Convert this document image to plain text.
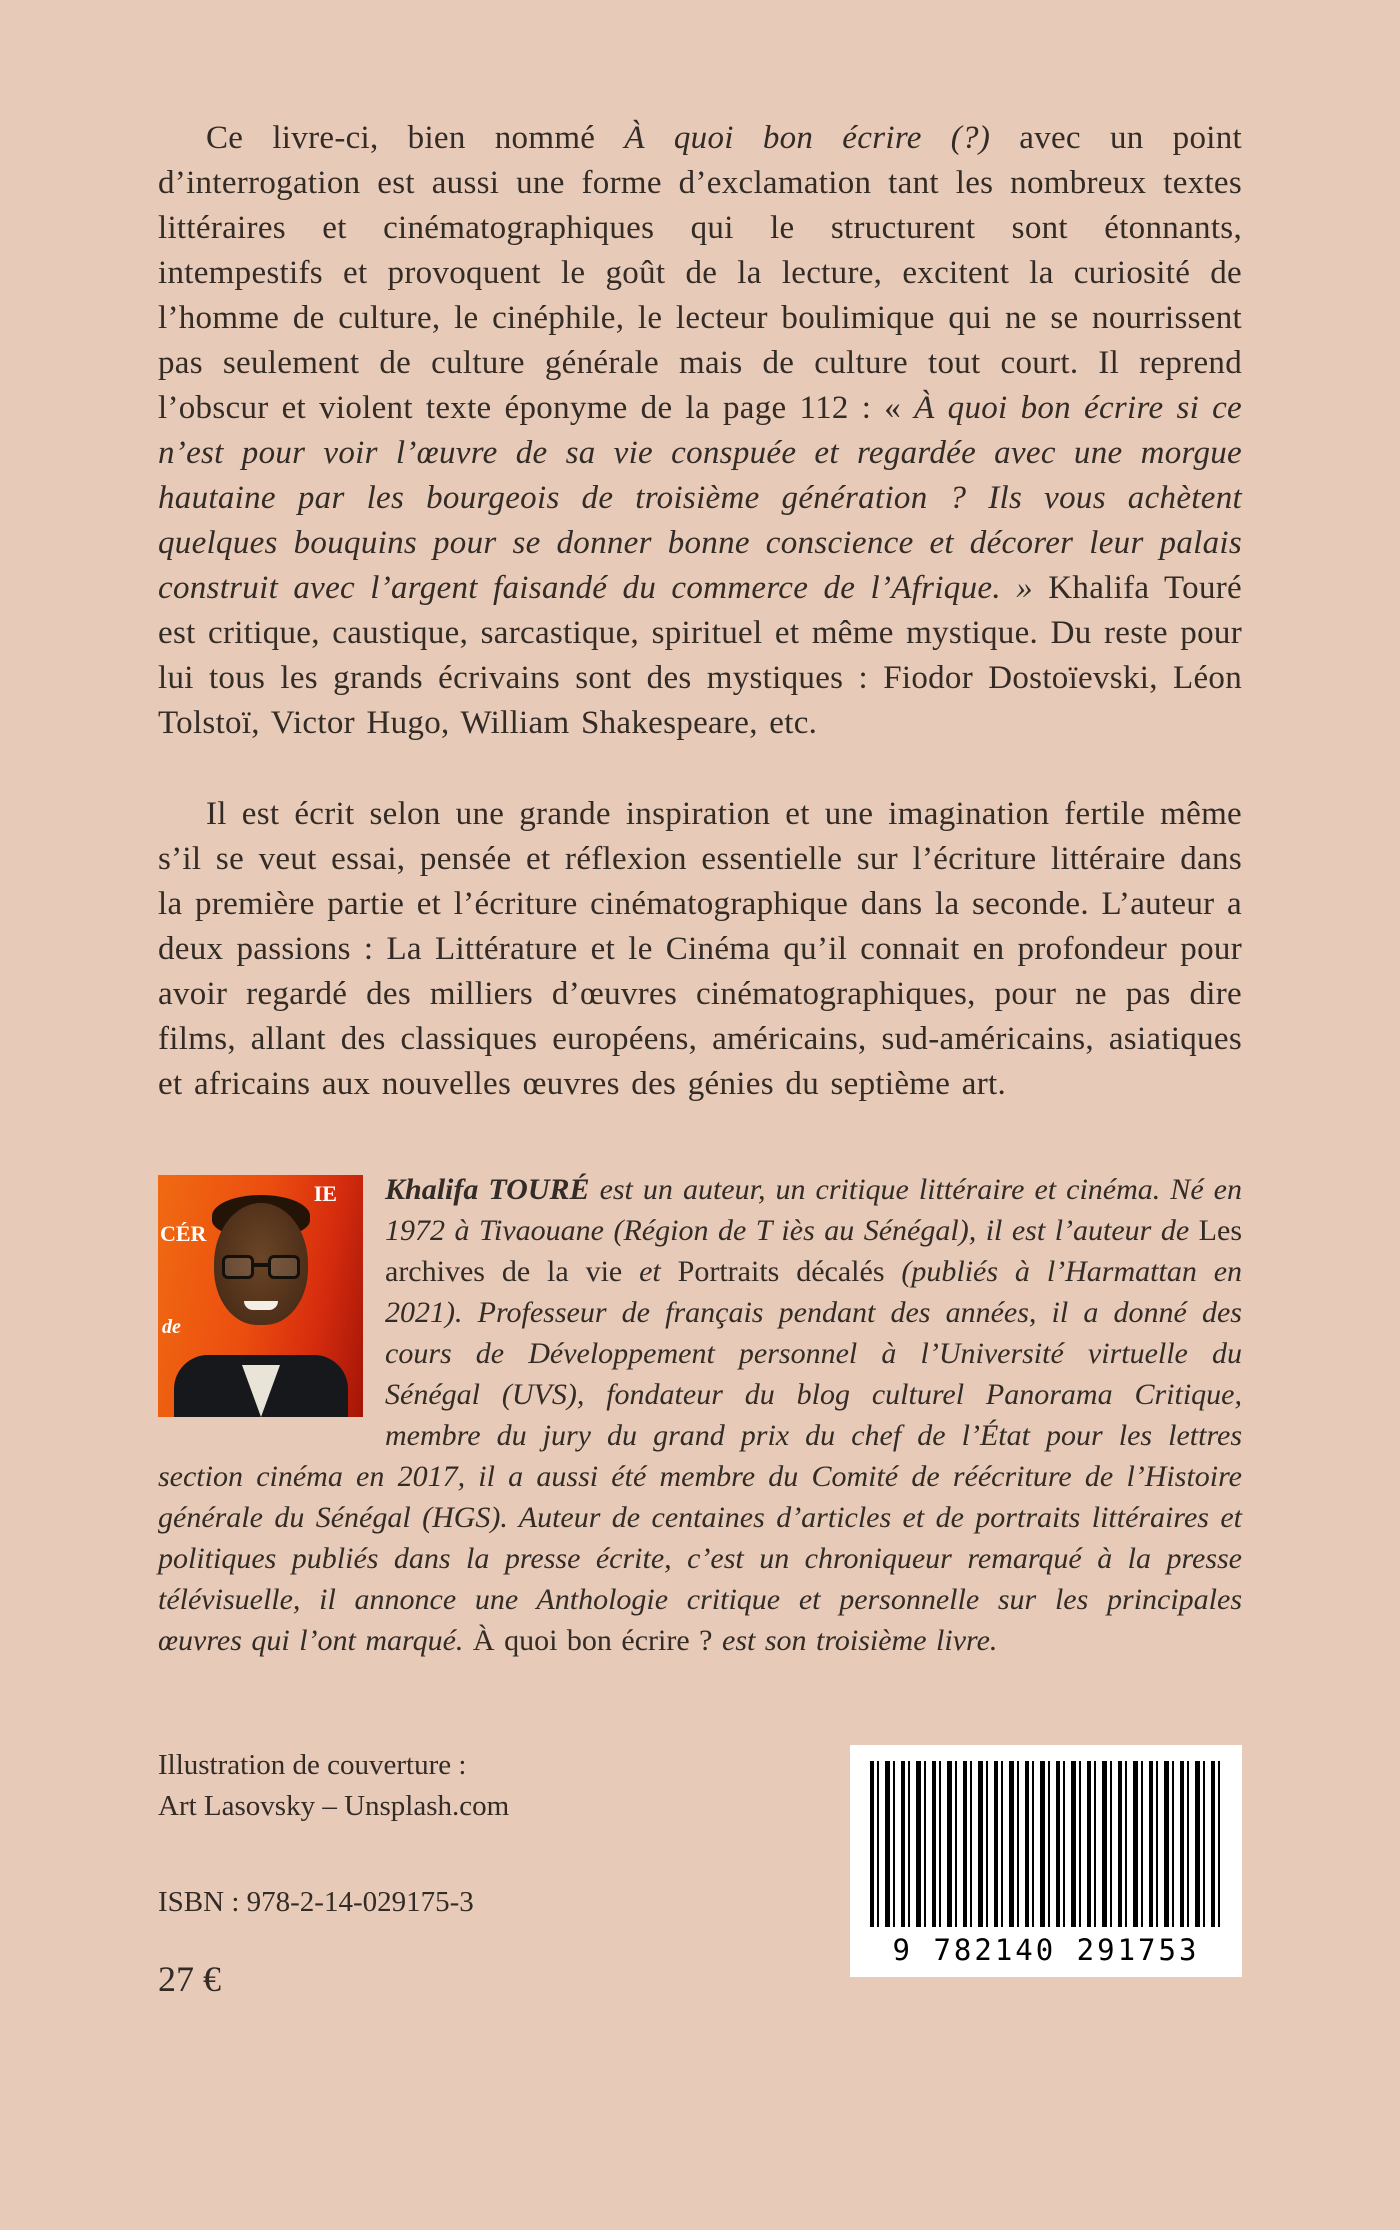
Ce livre-ci, bien nommé À quoi bon écrire (?) avec un point d’interrogation est aussi une forme d’exclamation tant les nombreux textes littéraires et cinématographiques qui le structurent sont étonnants, intempestifs et provoquent le goût de la lecture, excitent la curiosité de l’homme de culture, le cinéphile, le lecteur boulimique qui ne se nourrissent pas seulement de culture générale mais de culture tout court. Il reprend l’obscur et violent texte éponyme de la page 112 : « À quoi bon écrire si ce n’est pour voir l’œuvre de sa vie conspuée et regardée avec une morgue hautaine par les bourgeois de troisième génération ? Ils vous achètent quelques bouquins pour se donner bonne conscience et décorer leur palais construit avec l’argent faisandé du commerce de l’Afrique. » Khalifa Touré est critique, caustique, sarcastique, spirituel et même mystique. Du reste pour lui tous les grands écrivains sont des mystiques : Fiodor Dostoïevski, Léon Tolstoï, Victor Hugo, William Shakespeare, etc.

Il est écrit selon une grande inspiration et une imagination fertile même s’il se veut essai, pensée et réflexion essentielle sur l’écriture littéraire dans la première partie et l’écriture cinématographique dans la seconde. L’auteur a deux passions : La Littérature et le Cinéma qu’il connait en profondeur pour avoir regardé des milliers d’œuvres cinématographiques, pour ne pas dire films, allant des classiques européens, américains, sud-américains, asiatiques et africains aux nouvelles œuvres des génies du septième art.

CÉR
IE
de

Khalifa TOURÉ est un auteur, un critique littéraire et cinéma. Né en 1972 à Tivaouane (Région de T iès au Sénégal), il est l’auteur de Les archives de la vie et Portraits décalés (publiés à l’Harmattan en 2021). Professeur de français pendant des années, il a donné des cours de Développement personnel à l’Université virtuelle du Sénégal (UVS), fondateur du blog culturel Panorama Critique, membre du jury du grand prix du chef de l’État pour les lettres section cinéma en 2017, il a aussi été membre du Comité de réécriture de l’Histoire générale du Sénégal (HGS). Auteur de centaines d’articles et de portraits littéraires et politiques publiés dans la presse écrite, c’est un chroniqueur remarqué à la presse télévisuelle, il annonce une Anthologie critique et personnelle sur les principales œuvres qui l’ont marqué. À quoi bon écrire ? est son troisième livre.

Illustration de couverture :
Art Lasovsky – Unsplash.com
ISBN : 978-2-14-029175-3
27 €
9 782140 291753
